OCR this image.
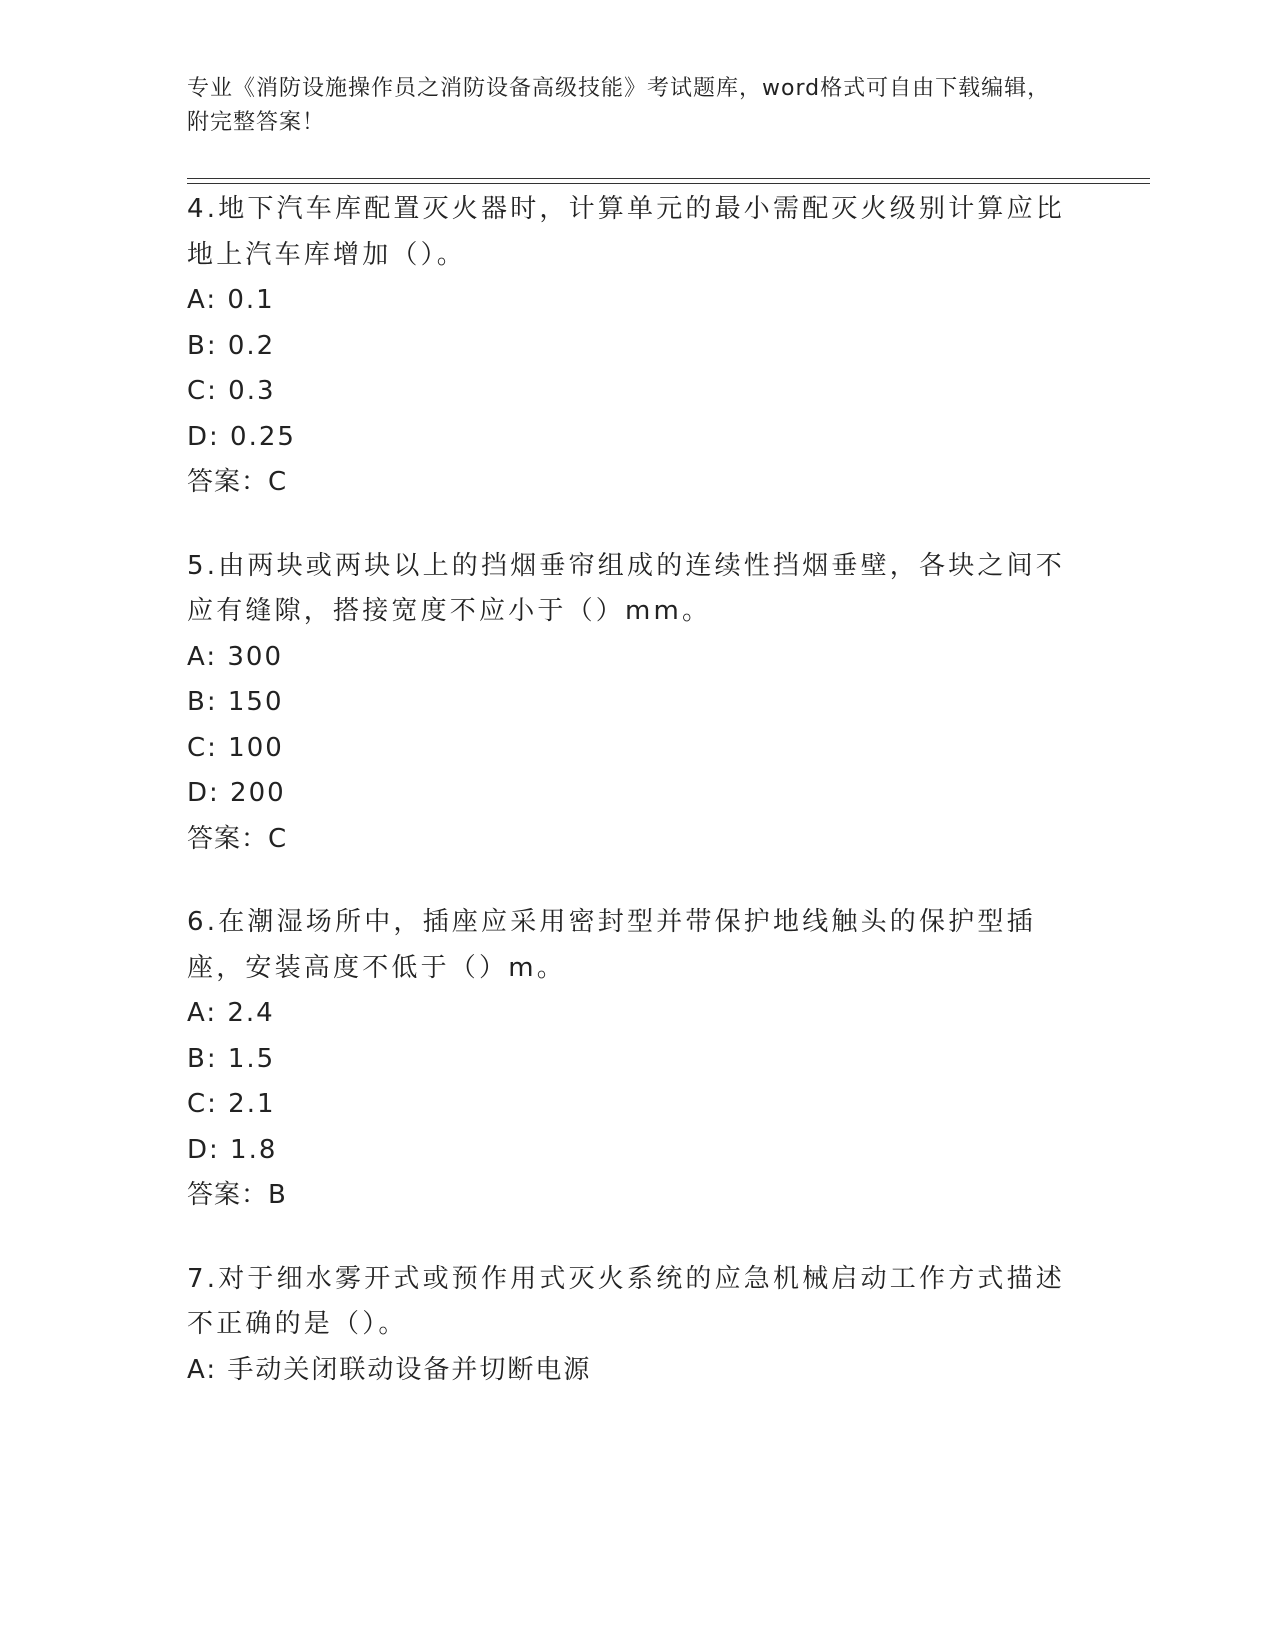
专业《消防设施操作员之消防设备高级技能》考试题库，word格式可自由下载编辑，附完整答案！
4.地下汽车库配置灭火器时，计算单元的最小需配灭火级别计算应比地上汽车库增加（）。
A: 0.1
B: 0.2
C: 0.3
D: 0.25
答案：C
5.由两块或两块以上的挡烟垂帘组成的连续性挡烟垂壁，各块之间不应有缝隙，搭接宽度不应小于（）mm。
A: 300
B: 150
C: 100
D: 200
答案：C
6.在潮湿场所中，插座应采用密封型并带保护地线触头的保护型插座，安装高度不低于（）m。
A: 2.4
B: 1.5
C: 2.1
D: 1.8
答案：B
7.对于细水雾开式或预作用式灭火系统的应急机械启动工作方式描述不正确的是（）。
A: 手动关闭联动设备并切断电源
